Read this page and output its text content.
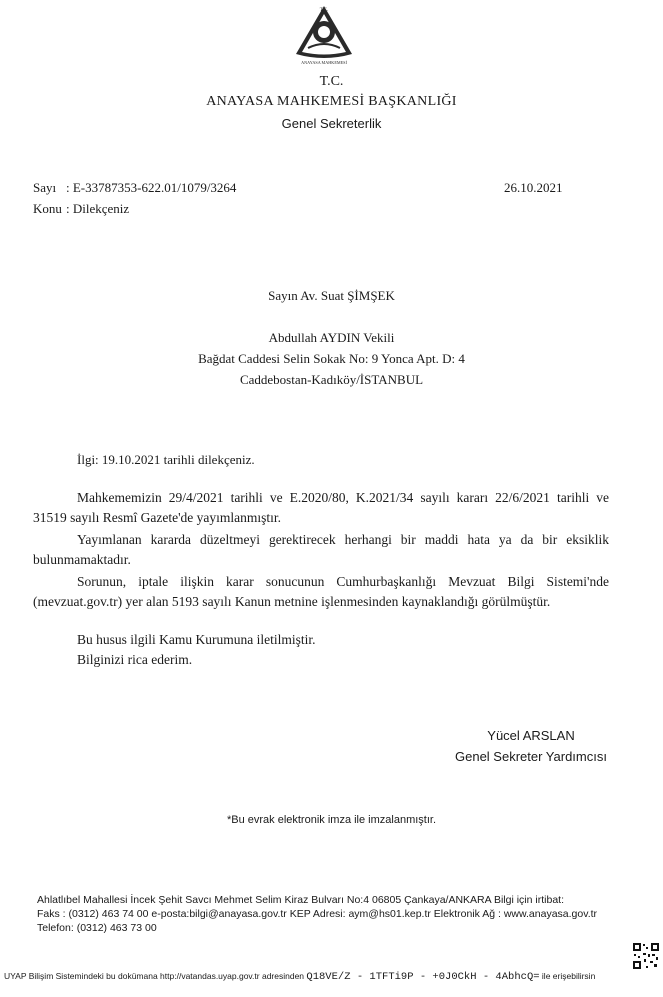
T.C.
ANAYASA MAHKEMESİ
T.C.
ANAYASA MAHKEMESİ BAŞKANLIĞI
Genel Sekreterlik
Sayı : E-33787353-622.01/1079/3264
Konu : Dilekçeniz
26.10.2021
Sayın Av. Suat ŞİMŞEK
Abdullah AYDIN Vekili
Bağdat Caddesi Selin Sokak No: 9 Yonca Apt. D: 4
Caddebostan-Kadıköy/İSTANBUL
İlgi: 19.10.2021 tarihli dilekçeniz.
Mahkememizin 29/4/2021 tarihli ve E.2020/80, K.2021/34 sayılı kararı 22/6/2021 tarihli ve 31519 sayılı Resmî Gazete'de yayımlanmıştır.
Yayımlanan kararda düzeltmeyi gerektirecek herhangi bir maddi hata ya da bir eksiklik bulunmamaktadır.
Sorunun, iptale ilişkin karar sonucunun Cumhurbaşkanlığı Mevzuat Bilgi Sistemi'nde (mevzuat.gov.tr) yer alan 5193 sayılı Kanun metnine işlenmesinden kaynaklandığı görülmüştür.
Bu husus ilgili Kamu Kurumuna iletilmiştir.
Bilginizi rica ederim.
Yücel ARSLAN
Genel Sekreter Yardımcısı
*Bu evrak elektronik imza ile imzalanmıştır.
Ahlatlıbel Mahallesi İncek Şehit Savcı Mehmet Selim Kiraz Bulvarı No:4 06805 Çankaya/ANKARA Bilgi için irtibat:
Faks : (0312) 463 74 00 e-posta:bilgi@anayasa.gov.tr KEP Adresi: aym@hs01.kep.tr Elektronik Ağ : www.anayasa.gov.tr
Telefon: (0312) 463 73 00
UYAP Bilişim Sistemindeki bu dokümana http://vatandas.uyap.gov.tr adresinden Q18VE/Z - 1TFTi9P - +0J0CkH - 4AbhcQ= ile erişebilirsin
